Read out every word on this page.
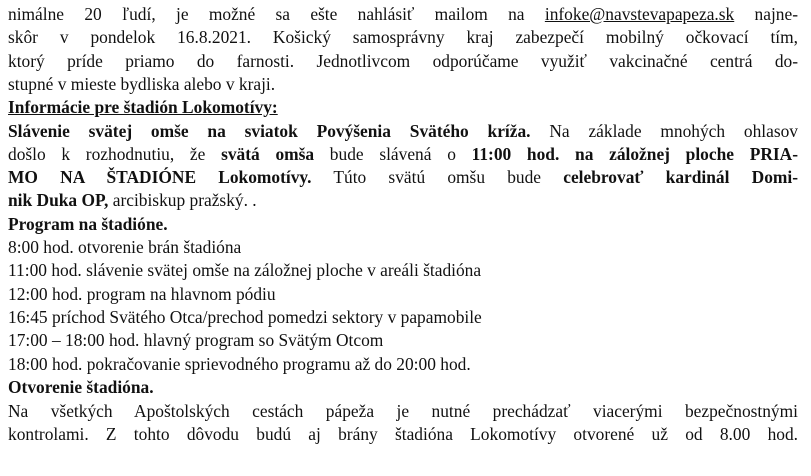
nimálne 20 ľudí, je možné sa ešte nahlásiť mailom na infoke@navstevapapeza.sk najne-
skôr v pondelok 16.8.2021. Košický samosprávny kraj zabezpečí mobilný očkovací tím,
ktorý príde priamo do farnosti. Jednotlivcom odporúčame využiť vakcinačné centrá do-
stupné v mieste bydliska alebo v kraji.
Informácie pre štadión Lokomotívy:
Slávenie svätej omše na sviatok Povýšenia Svätého kríža. Na základe mnohých ohlasov
došlo k rozhodnutiu, že svätá omša bude slávená o 11:00 hod. na záložnej ploche PRIA-
MO NA ŠTADIÓNE Lokomotívy. Túto svätú omšu bude celebrovať kardinál Domi-
nik Duka OP, arcibiskup pražský. .
Program na štadióne.
8:00 hod. otvorenie brán štadióna
11:00 hod. slávenie svätej omše na záložnej ploche v areáli štadióna
12:00 hod. program na hlavnom pódiu
16:45 príchod Svätého Otca/prechod pomedzi sektory v papamobile
17:00 – 18:00 hod. hlavný program so Svätým Otcom
18:00 hod. pokračovanie sprievodného programu až do 20:00 hod.
Otvorenie štadióna.
Na všetkých Apoštolských cestách pápeža je nutné prechádzať viacerými bezpečnostnými
kontrolami. Z tohto dôvodu budú aj brány štadióna Lokomotívy otvorené už od 8.00 hod.
